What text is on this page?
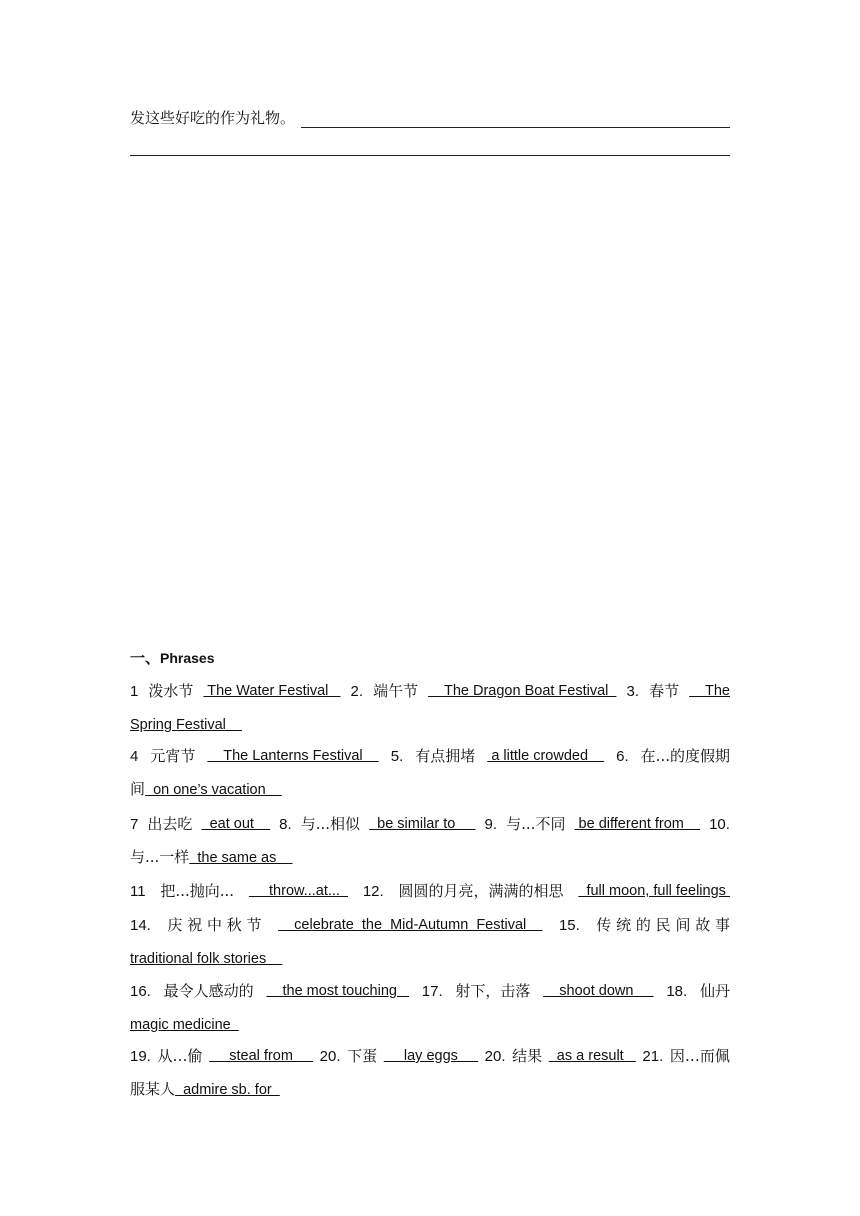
发这些好吃的作为礼物。
一、Phrases
1 泼水节 The Water Festival 2. 端午节 The Dragon Boat Festival 3. 春节 The
Spring Festival
4 元宵节 The Lanterns Festival 5. 有点拥堵 a little crowded 6. 在...的度假期
间  on one’s vacation
7 出去吃 eat out 8. 与...相似 be similar to 9. 与...不同 be different from 10.
与...一样  the same as
11 把...抛向... throw...at... 12. 圆圆的月亮，满满的相思 full moon, full feelings
14. 庆 祝 中 秋 节 celebrate  the  Mid-Autumn  Festival 15. 传 统 的 民 间 故 事
traditional folk stories
16. 最令人感动的 the most touching 17. 射下，击落 shoot down 18. 仙丹
magic medicine
19. 从…偷 steal from 20. 下蛋 lay eggs 20. 结果 as a result 21. 因…而佩
服某人  admire sb. for
